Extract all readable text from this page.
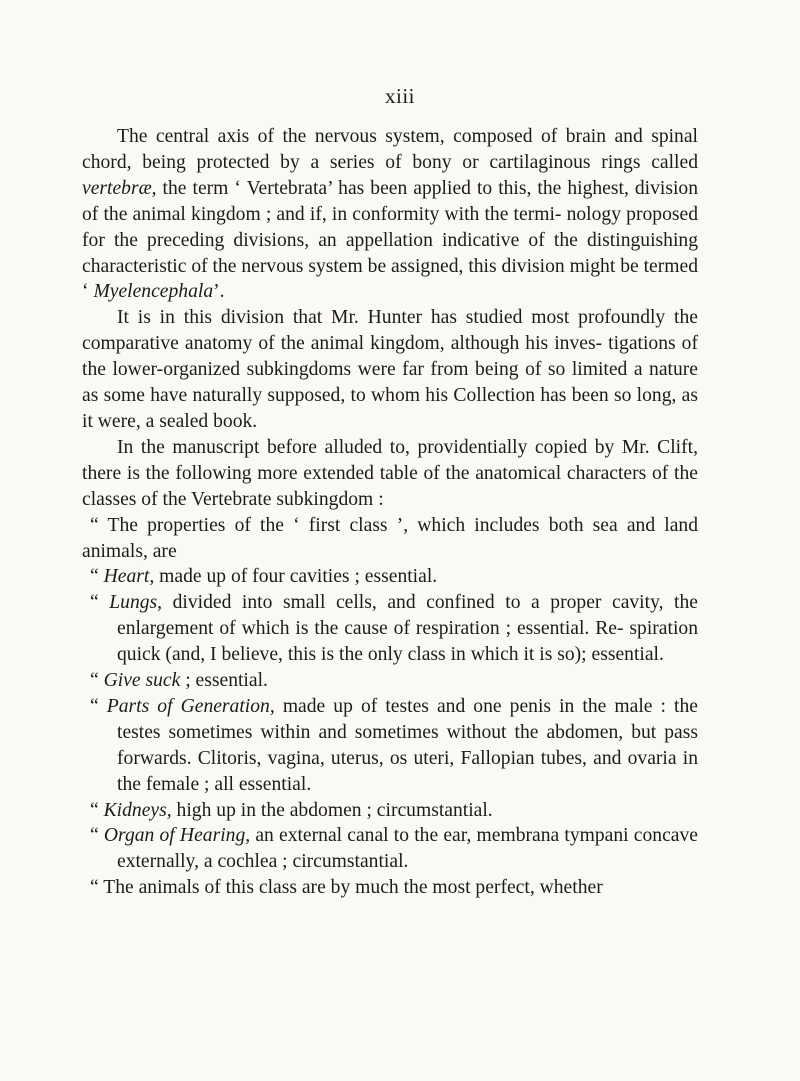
xiii

The central axis of the nervous system, composed of brain and spinal chord, being protected by a series of bony or cartilaginous rings called vertebræ, the term ‘ Vertebrata’ has been applied to this, the highest, division of the animal kingdom ; and if, in conformity with the termi- nology proposed for the preceding divisions, an appellation indicative of the distinguishing characteristic of the nervous system be assigned, this division might be termed ‘ Myelencephala’.

It is in this division that Mr. Hunter has studied most profoundly the comparative anatomy of the animal kingdom, although his inves- tigations of the lower-organized subkingdoms were far from being of so limited a nature as some have naturally supposed, to whom his Collection has been so long, as it were, a sealed book.

In the manuscript before alluded to, providentially copied by Mr. Clift, there is the following more extended table of the anatomical characters of the classes of the Vertebrate subkingdom :

“ The properties of the ‘ first class ’, which includes both sea and land animals, are

“ Heart, made up of four cavities ; essential.

“ Lungs, divided into small cells, and confined to a proper cavity, the enlargement of which is the cause of respiration ; essential. Re- spiration quick (and, I believe, this is the only class in which it is so); essential.

“ Give suck ; essential.

“ Parts of Generation, made up of testes and one penis in the male : the testes sometimes within and sometimes without the abdomen, but pass forwards. Clitoris, vagina, uterus, os uteri, Fallopian tubes, and ovaria in the female ; all essential.

“ Kidneys, high up in the abdomen ; circumstantial.

“ Organ of Hearing, an external canal to the ear, membrana tympani concave externally, a cochlea ; circumstantial.

“ The animals of this class are by much the most perfect, whether
